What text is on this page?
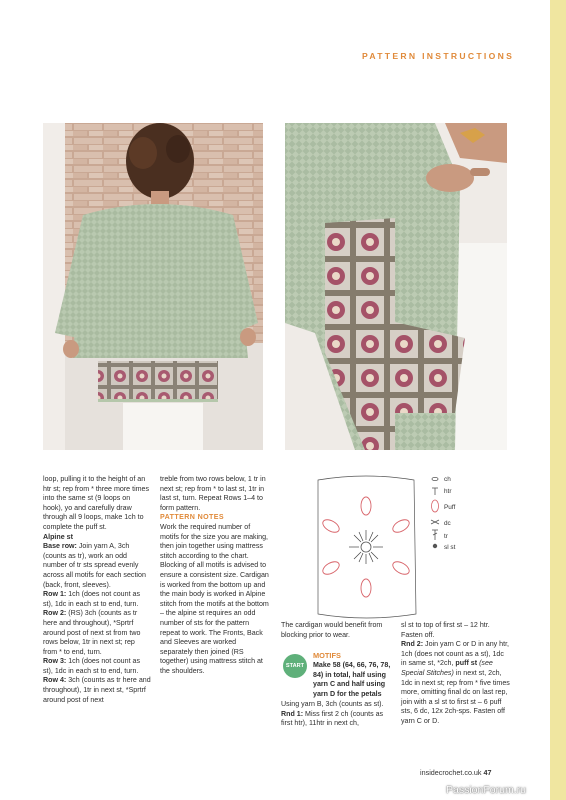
PATTERN INSTRUCTIONS

loop, pulling it to the height of an htr st; rep from * three more times into the same st (9 loops on hook), yo and carefully draw through all 9 loops, make 1ch to complete the puff st.

Alpine st

Base row: Join yarn A, 3ch (counts as tr), work an odd number of tr sts spread evenly across all motifs for each section (back, front, sleeves).

Row 1: 1ch (does not count as st), 1dc in each st to end, turn.

Row 2: (RS) 3ch (counts as tr here and throughout), *Sprtrf around post of next st from two rows below, 1tr in next st; rep from * to end, turn.

Row 3: 1ch (does not count as st), 1dc in each st to end, turn.

Row 4: 3ch (counts as tr here and throughout), 1tr in next st, *Sprtrf around post of next

treble from two rows below, 1 tr in next st; rep from * to last st, 1tr in last st, turn. Repeat Rows 1–4 to form pattern.

PATTERN NOTES

Work the required number of motifs for the size you are making, then join together using mattress stitch according to the chart. Blocking of all motifs is advised to ensure a consistent size. Cardigan is worked from the bottom up and the main body is worked in Alpine stitch from the motifs at the bottom – the alpine st requires an odd number of sts for the pattern repeat to work. The Fronts, Back and Sleeves are worked separately then joined (RS together) using mattress stitch at the shoulders.

ch
htr
Puff
dc
tr
sl st

The cardigan would benefit from blocking prior to wear.

START
MOTIFS

Make 58 (64, 66, 76, 78, 84) in total, half using yarn C and half using yarn D for the petals

Using yarn B, 3ch (counts as st).

Rnd 1: Miss first 2 ch (counts as first htr), 11htr in next ch,

sl st to top of first st – 12 htr. Fasten off.

Rnd 2: Join yarn C or D in any htr, 1ch (does not count as a st), 1dc in same st, *2ch, puff st (see Special Stitches) in next st, 2ch, 1dc in next st; rep from * five times more, omitting final dc on last rep, join with a sl st to first st – 6 puff sts, 6 dc, 12x 2ch-sps. Fasten off yarn C or D.

insidecrochet.co.uk 47
PassionForum.ru
